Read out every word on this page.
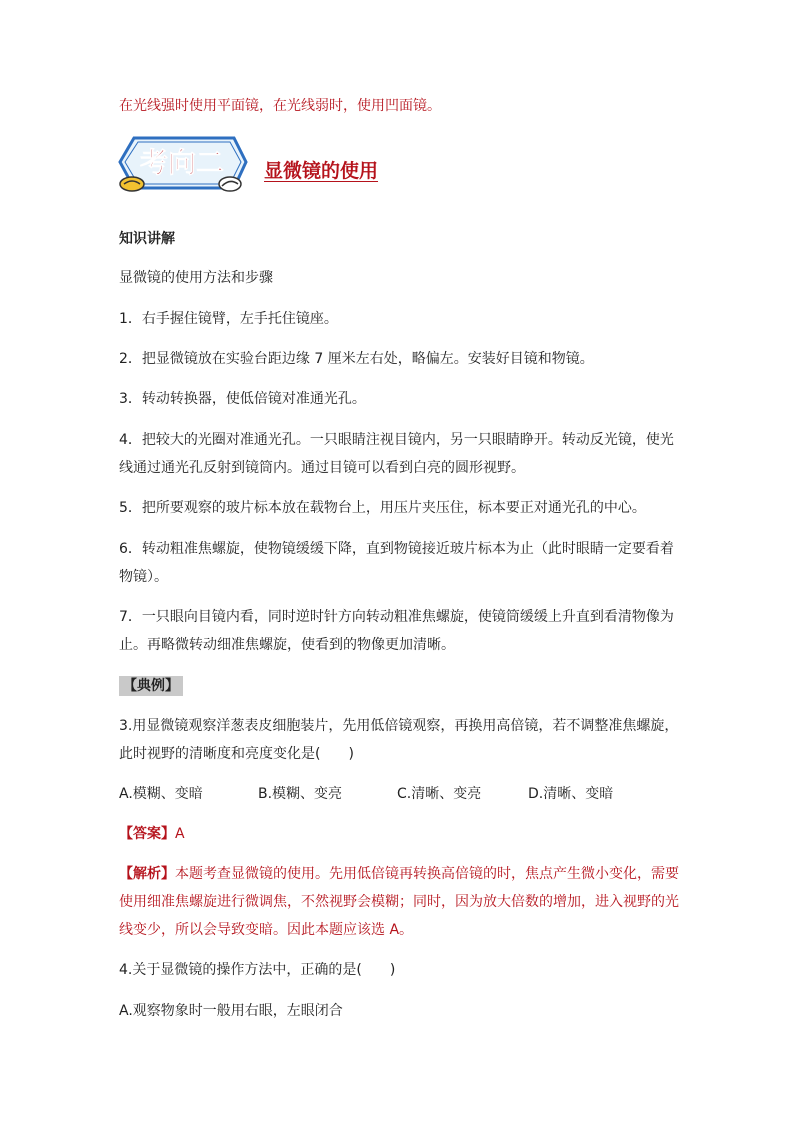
在光线强时使用平面镜，在光线弱时，使用凹面镜。
考向二 显微镜的使用
知识讲解
显微镜的使用方法和步骤
1．右手握住镜臂，左手托住镜座。
2．把显微镜放在实验台距边缘 7 厘米左右处，略偏左。安装好目镜和物镜。
3．转动转换器，使低倍镜对准通光孔。
4．把较大的光圈对准通光孔。一只眼睛注视目镜内，另一只眼睛睁开。转动反光镜，使光
线通过通光孔反射到镜筒内。通过目镜可以看到白亮的圆形视野。
5．把所要观察的玻片标本放在载物台上，用压片夹压住，标本要正对通光孔的中心。
6．转动粗准焦螺旋，使物镜缓缓下降，直到物镜接近玻片标本为止（此时眼睛一定要看着
物镜）。
7．一只眼向目镜内看，同时逆时针方向转动粗准焦螺旋，使镜筒缓缓上升直到看清物像为
止。再略微转动细准焦螺旋，使看到的物像更加清晰。
【典例】
3.用显微镜观察洋葱表皮细胞装片，先用低倍镜观察，再换用高倍镜，若不调整准焦螺旋，
此时视野的清晰度和亮度变化是(　　)
A.模糊、变暗	B.模糊、变亮	C.清晰、变亮	D.清晰、变暗
【答案】A
【解析】本题考查显微镜的使用。先用低倍镜再转换高倍镜的时，焦点产生微小变化，需要
使用细准焦螺旋进行微调焦，不然视野会模糊；同时，因为放大倍数的增加，进入视野的光
线变少，所以会导致变暗。因此本题应该选 A。
4.关于显微镜的操作方法中，正确的是(　　)
A.观察物象时一般用右眼，左眼闭合
